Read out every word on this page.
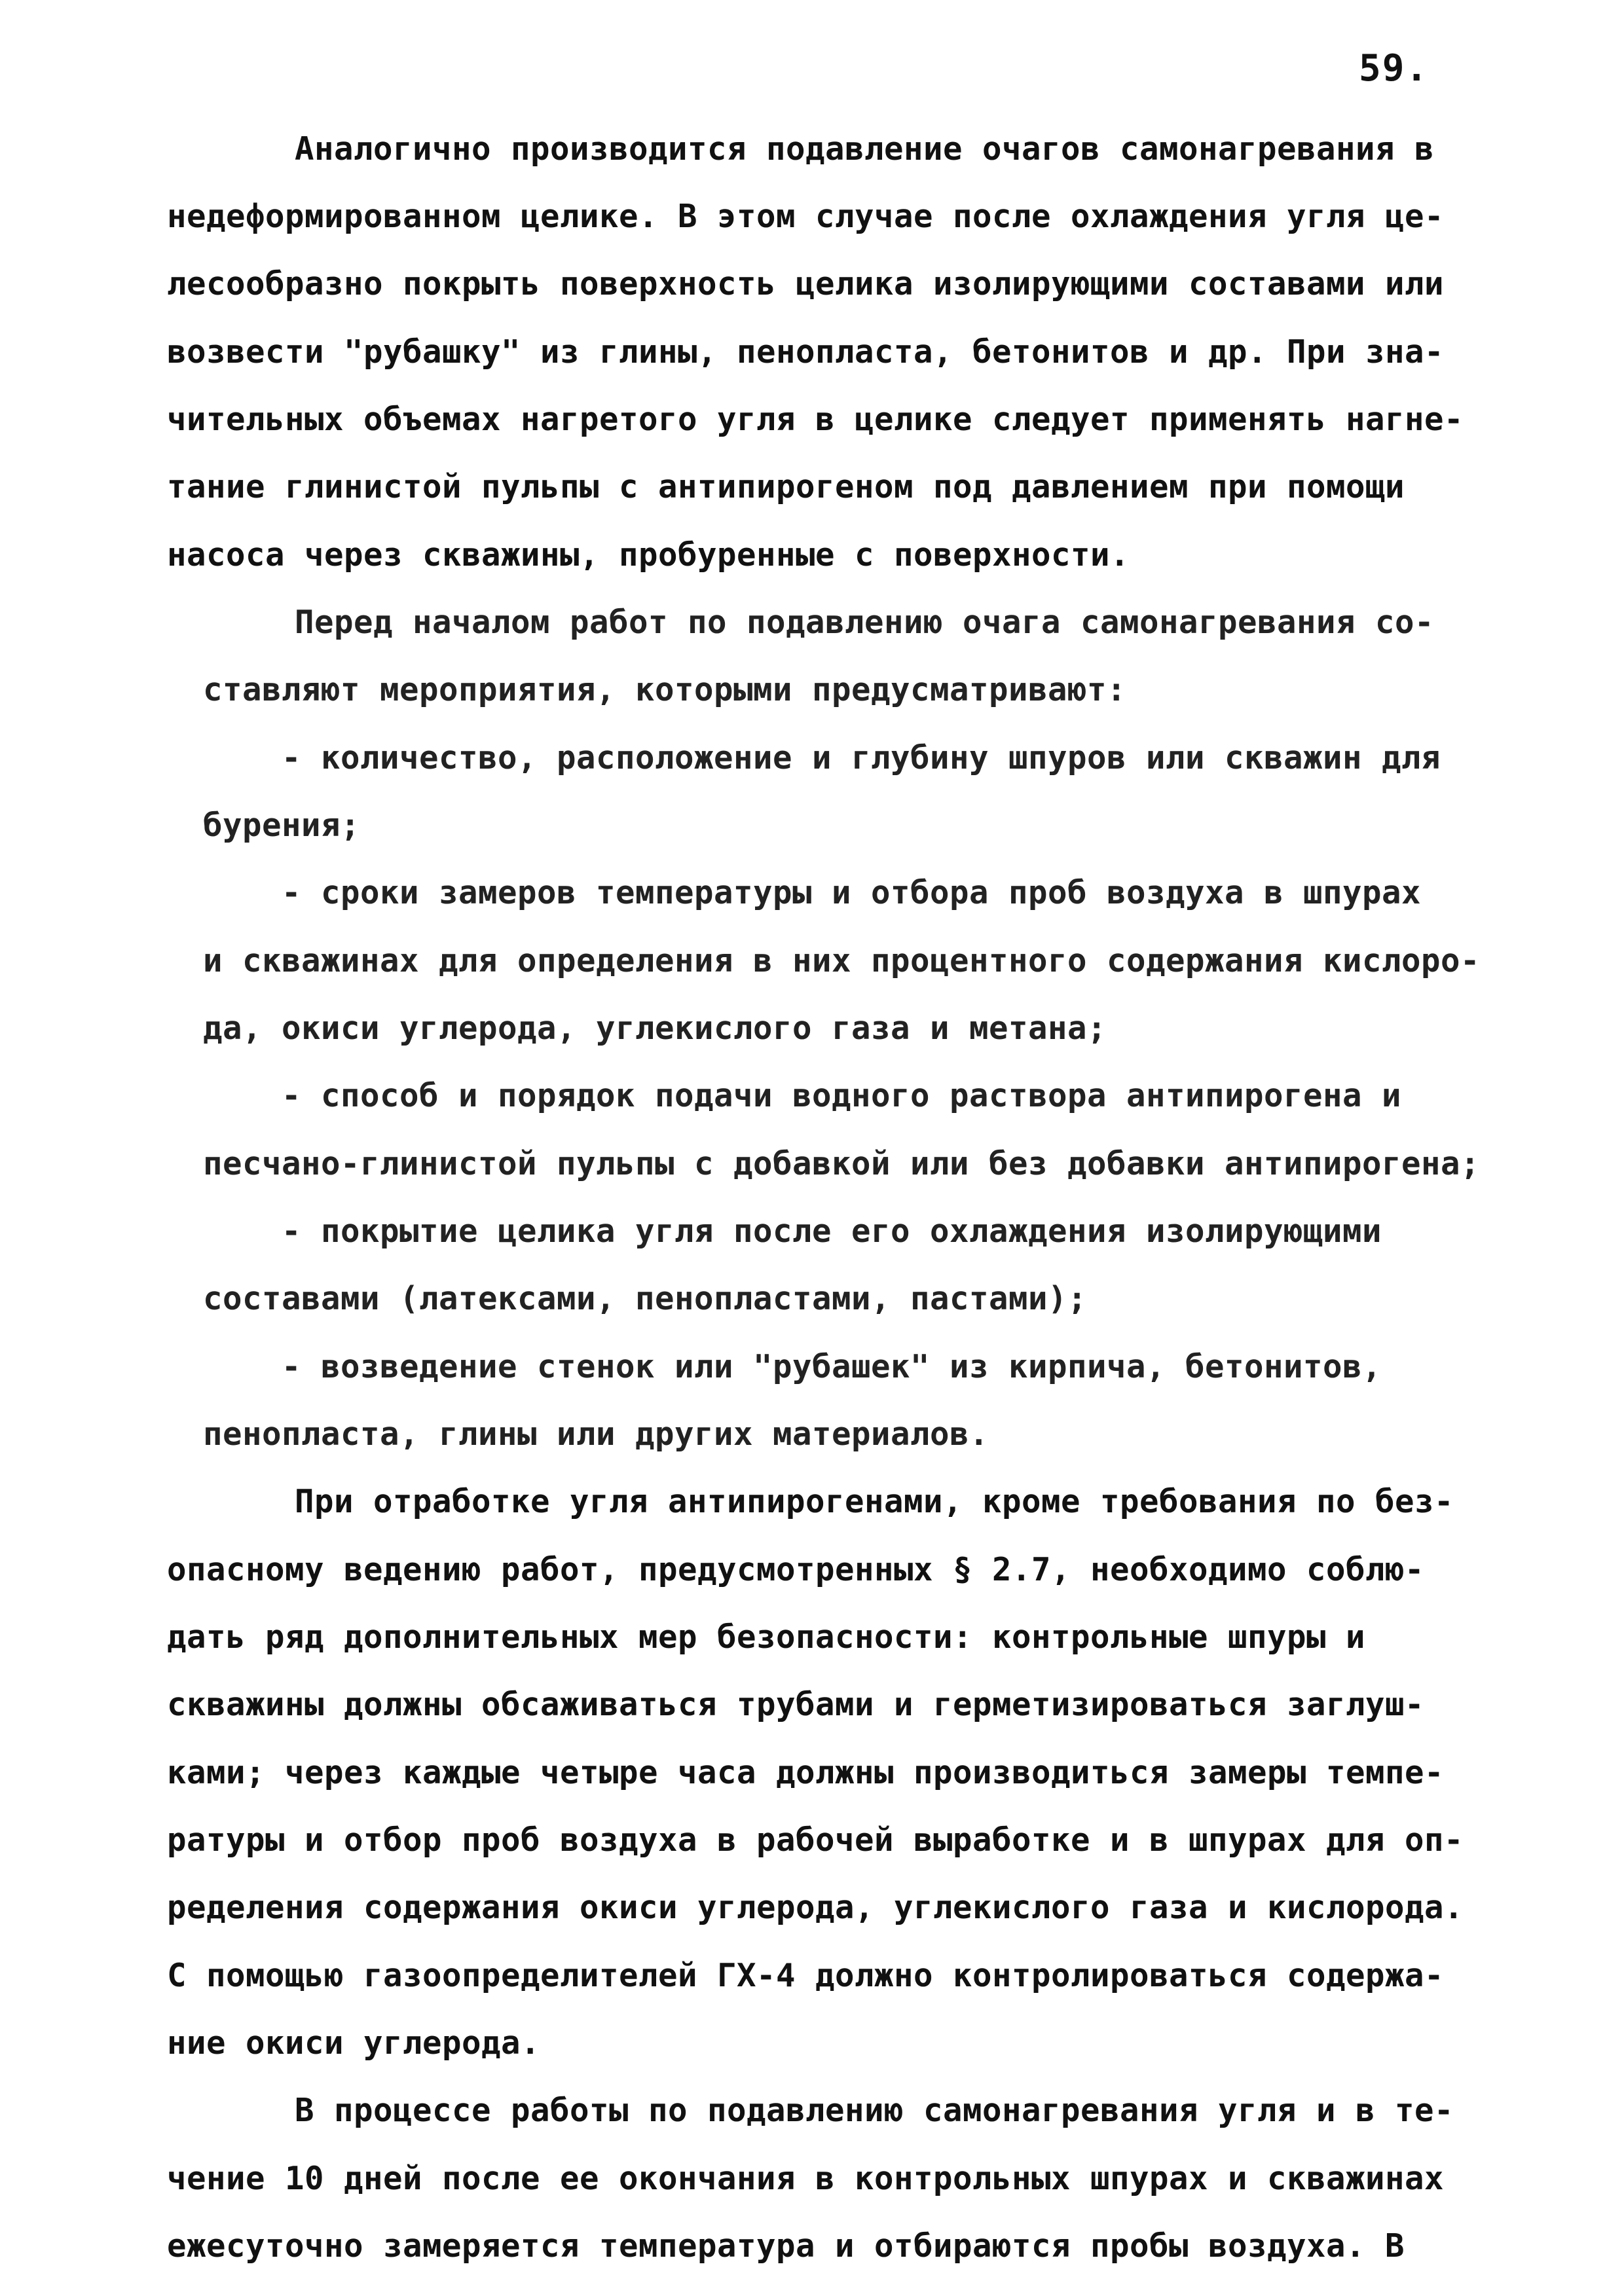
59.
Аналогично производится подавление очагов самонагревания в
недеформированном целике. В этом случае после охлаждения угля це-
лесообразно покрыть поверхность целика изолирующими составами или
возвести "рубашку" из глины, пенопласта, бетонитов и др. При зна-
чительных объемах нагретого угля в целике следует применять нагне-
тание глинистой пульпы с антипирогеном под давлением при помощи
насоса через скважины, пробуренные с поверхности.
Перед началом работ по подавлению очага самонагревания со-
ставляют мероприятия, которыми предусматривают:
- количество, расположение и глубину шпуров или скважин для
бурения;
- сроки замеров температуры и отбора проб воздуха в шпурах
и скважинах для определения в них процентного содержания кислоро-
да, окиси углерода, углекислого газа и метана;
- способ и порядок подачи водного раствора антипирогена и
песчано-глинистой пульпы с добавкой или без добавки антипирогена;
- покрытие целика угля после его охлаждения изолирующими
составами (латексами, пенопластами, пастами);
- возведение стенок или "рубашек" из кирпича, бетонитов,
пенопласта, глины или других материалов.
При отработке угля антипирогенами, кроме требования по без-
опасному ведению работ, предусмотренных § 2.7, необходимо соблю-
дать ряд дополнительных мер безопасности: контрольные шпуры и
скважины должны обсаживаться трубами и герметизироваться заглуш-
ками; через каждые четыре часа должны производиться замеры темпе-
ратуры и отбор проб воздуха в рабочей выработке и в шпурах для оп-
ределения содержания окиси углерода, углекислого газа и кислорода.
С помощью газоопределителей ГХ-4 должно контролироваться содержа-
ние окиси углерода.
В процессе работы по подавлению самонагревания угля и в те-
чение 10 дней после ее окончания в контрольных шпурах и скважинах
ежесуточно замеряется температура и отбираются пробы воздуха. В
